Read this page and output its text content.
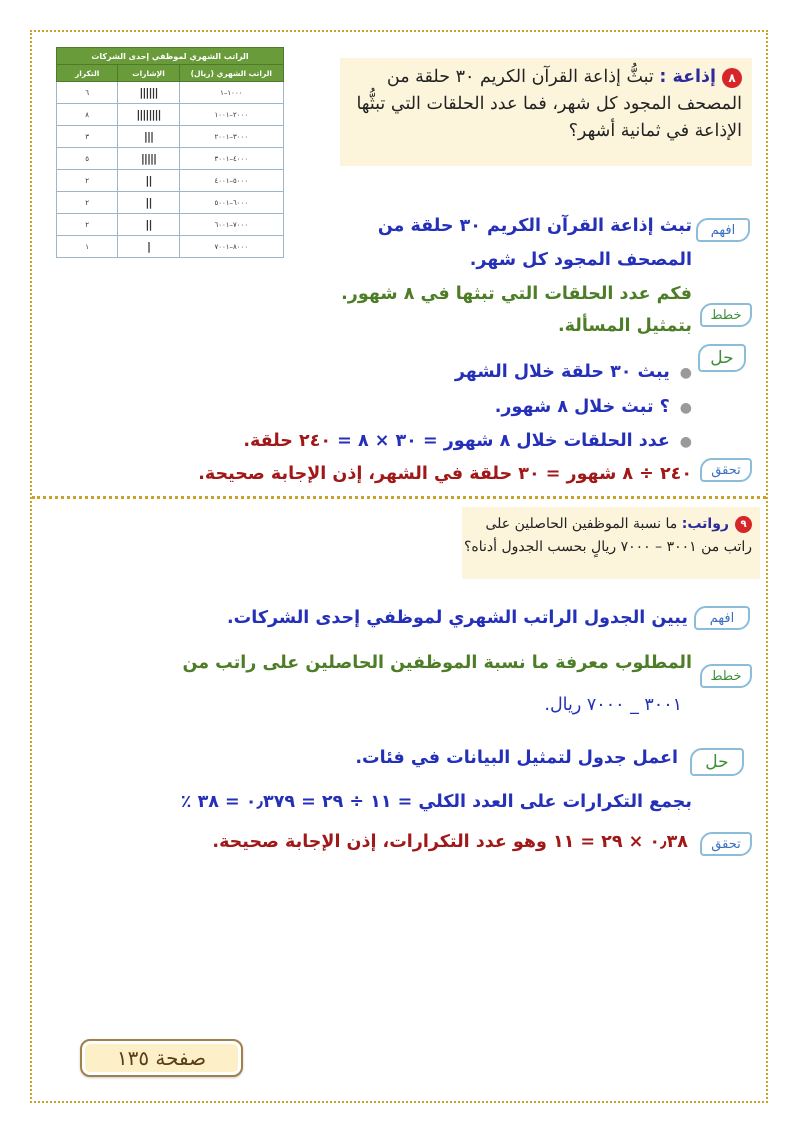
الراتب الشهري لموظفي إحدى الشركات		
الراتب الشهري (ريال)	الإشارات	التكرار
١٠٠٠–١	||||||	٦
٢٠٠٠–١٠٠١	||||||||	٨
٣٠٠٠–٢٠٠١	|||	٣
٤٠٠٠–٣٠٠١	|||||	٥
٥٠٠٠–٤٠٠١	||	٢
٦٠٠٠–٥٠٠١	||	٢
٧٠٠٠–٦٠٠١	||	٢
٨٠٠٠–٧٠٠١	|	١
٨إذاعة : تبثُّ إذاعة القرآن الكريم ٣٠ حلقة من المصحف المجود كل شهر، فما عدد الحلقات التي تبثُّها الإذاعة في ثمانية أشهر؟
افهم
تبث إذاعة القرآن الكريم ٣٠ حلقة من
المصحف المجود كل شهر.
فكم عدد الحلقات التي تبثها في ٨ شهور.
خطط
بتمثيل المسألة.
حل
●يبث ٣٠ حلقة خلال الشهر
●؟ تبث خلال ٨ شهور.
●عدد الحلقات خلال ٨ شهور = ٣٠ × ٨ = ٢٤٠ حلقة.
تحقق
٢٤٠ ÷ ٨ شهور = ٣٠ حلقة في الشهر، إذن الإجابة صحيحة.
٩رواتب: ما نسبة الموظفين الحاصلين على راتب من ٣٠٠١ – ٧٠٠٠ ريالٍ بحسب الجدول أدناه؟
افهم
يبين الجدول الراتب الشهري لموظفي إحدى الشركات.
خطط
المطلوب معرفة ما نسبة الموظفين الحاصلين على راتب من
٣٠٠١ _ ٧٠٠٠ ريال.
حل
اعمل جدول لتمثيل البيانات في فئات.
بجمع التكرارات على العدد الكلي = ١١ ÷ ٢٩ = ٠٫٣٧٩ = ٣٨ ٪
تحقق
٠٫٣٨ × ٢٩ = ١١ وهو عدد التكرارات، إذن الإجابة صحيحة.
صفحة ١٣٥
